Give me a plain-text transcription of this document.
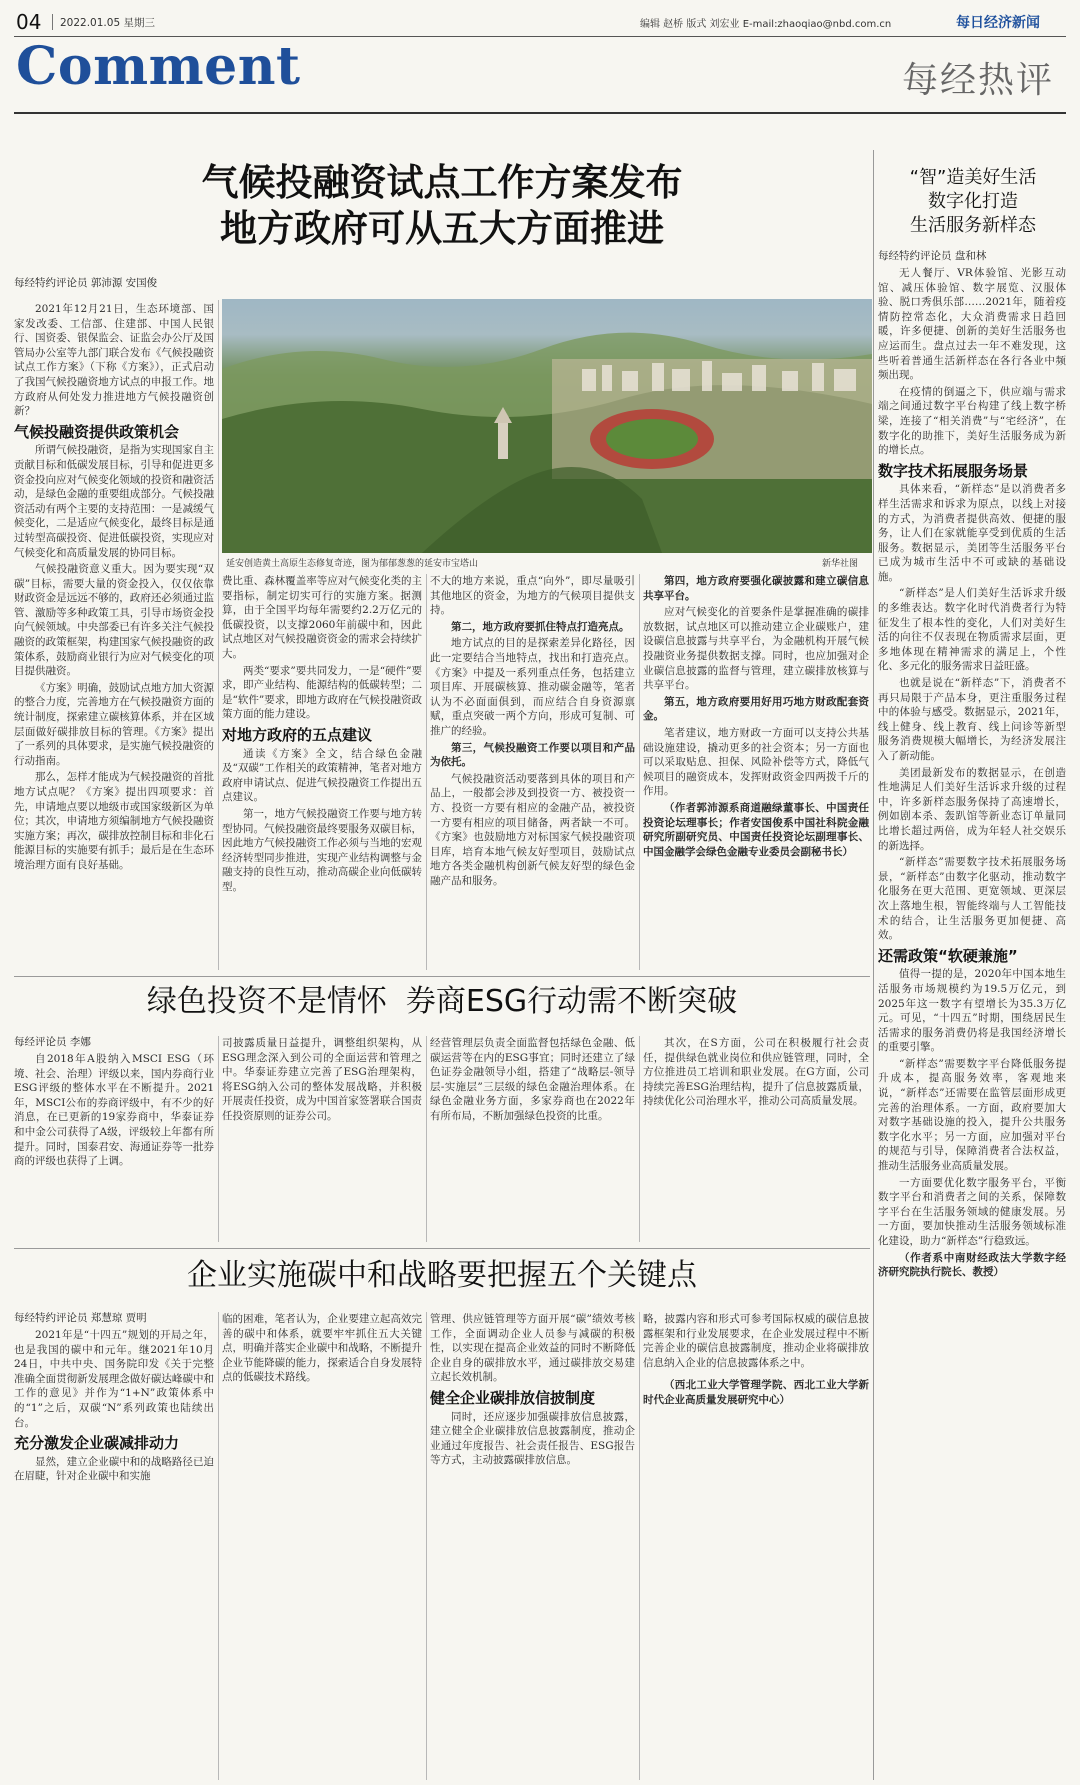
04 2022.01.05 星期三	编辑 赵桥 版式 刘宏业 E-mail:zhaoqiao@nbd.com.cn	每日经济新闻
Comment	每经热评
气候投融资试点工作方案发布
地方政府可从五大方面推进
每经特约评论员 郭沛源 安国俊
延安创造黄土高原生态修复奇迹，图为郁郁葱葱的延安市宝塔山	新华社图

2021年12月21日，生态环境部、国家发改委、工信部、住建部、中国人民银行、国资委、银保监会、证监会办公厅及国管局办公室等九部门联合发布《气候投融资试点工作方案》（下称《方案》），正式启动了我国气候投融资地方试点的申报工作。地方政府从何处发力推进地方气候投融资创新？

气候投融资提供政策机会

所谓气候投融资，是指为实现国家自主贡献目标和低碳发展目标，引导和促进更多资金投向应对气候变化领域的投资和融资活动，是绿色金融的重要组成部分。气候投融资活动有两个主要的支持范围：一是减缓气候变化，二是适应气候变化，最终目标是通过转型高碳投资、促进低碳投资，实现应对气候变化和高质量发展的协同目标。

气候投融资意义重大。因为要实现“双碳”目标，需要大量的资金投入，仅仅依靠财政资金是远远不够的，政府还必须通过监管、激励等多种政策工具，引导市场资金投向气候领域。中央部委已有许多关注气候投融资的政策框架，构建国家气候投融资的政策体系，鼓励商业银行为应对气候变化的项目提供融资。

《方案》明确，鼓励试点地方加大资源的整合力度，完善地方在气候投融资方面的统计制度，探索建立碳核算体系，并在区域层面做好碳排放目标的管理。《方案》提出了一系列的具体要求，是实施气候投融资的行动指南。

那么，怎样才能成为气候投融资的首批地方试点呢？《方案》提出四项要求：首先，申请地点要以地级市或国家级新区为单位；其次，申请地方须编制地方气候投融资实施方案；再次，碳排放控制目标和非化石能源目标的实施要有抓手；最后是在生态环境治理方面有良好基础。

费比重、森林覆盖率等应对气候变化类的主要指标，制定切实可行的实施方案。据测算，由于全国平均每年需要约2.2万亿元的低碳投资，以支撑2060年前碳中和，因此试点地区对气候投融资资金的需求会持续扩大。

两类“要求”要共同发力，一是“硬件”要求，即产业结构、能源结构的低碳转型；二是“软件”要求，即地方政府在气候投融资政策方面的能力建设。

对地方政府的五点建议

通读《方案》全文，结合绿色金融及“双碳”工作相关的政策精神，笔者对地方政府申请试点、促进气候投融资工作提出五点建议。

第一，地方气候投融资工作要与地方转型协同。气候投融资最终要服务双碳目标，因此地方气候投融资工作必须与当地的宏观经济转型同步推进，实现产业结构调整与金融支持的良性互动，推动高碳企业向低碳转型。

不大的地方来说，重点“向外”，即尽量吸引其他地区的资金，为地方的气候项目提供支持。

第二，地方政府要抓住特点打造亮点。

地方试点的目的是探索差异化路径，因此一定要结合当地特点，找出和打造亮点。《方案》中提及一系列重点任务，包括建立项目库、开展碳核算、推动碳金融等，笔者认为不必面面俱到，而应结合自身资源禀赋，重点突破一两个方向，形成可复制、可推广的经验。

第三，气候投融资工作要以项目和产品为依托。

气候投融资活动要落到具体的项目和产品上，一般都会涉及到投资一方、被投资一方、投资一方要有相应的金融产品，被投资一方要有相应的项目储备，两者缺一不可。《方案》也鼓励地方对标国家气候投融资项目库，培育本地气候友好型项目，鼓励试点地方各类金融机构创新气候友好型的绿色金融产品和服务。

第四，地方政府要强化碳披露和建立碳信息共享平台。

应对气候变化的首要条件是掌握准确的碳排放数据，试点地区可以推动建立企业碳账户，建设碳信息披露与共享平台，为金融机构开展气候投融资业务提供数据支撑。同时，也应加强对企业碳信息披露的监督与管理，建立碳排放核算与共享平台。

第五，地方政府要用好用巧地方财政配套资金。

笔者建议，地方财政一方面可以支持公共基础设施建设，撬动更多的社会资本；另一方面也可以采取贴息、担保、风险补偿等方式，降低气候项目的融资成本，发挥财政资金四两拨千斤的作用。

（作者郭沛源系商道融绿董事长、中国责任投资论坛理事长；作者安国俊系中国社科院金融研究所副研究员、中国责任投资论坛副理事长、中国金融学会绿色金融专业委员会副秘书长）

绿色投资不是情怀  券商ESG行动需不断突破
每经评论员 李娜

自2018年A股纳入MSCI ESG（环境、社会、治理）评级以来，国内券商行业ESG评级的整体水平在不断提升。2021年，MSCI公布的券商评级中，有不少的好消息，在已更新的19家券商中，华泰证券和中金公司获得了A级，评级较上年都有所提升。同时，国泰君安、海通证券等一批券商的评级也获得了上调。

司披露质量日益提升，调整组织架构，从ESG理念深入到公司的全面运营和管理之中。华泰证券建立完善了ESG治理架构，将ESG纳入公司的整体发展战略，并积极开展责任投资，成为中国首家签署联合国责任投资原则的证券公司。

经营管理层负责全面监督包括绿色金融、低碳运营等在内的ESG事宜；同时还建立了绿色证券金融领导小组，搭建了“战略层-领导层-实施层”三层级的绿色金融治理体系。在绿色金融业务方面，多家券商也在2022年有所布局，不断加强绿色投资的比重。

其次，在S方面，公司在积极履行社会责任，提供绿色就业岗位和供应链管理，同时，全方位推进员工培训和职业发展。在G方面，公司持续完善ESG治理结构，提升了信息披露质量，持续优化公司治理水平，推动公司高质量发展。

企业实施碳中和战略要把握五个关键点
每经特约评论员 郑慧琼 贾明

2021年是“十四五”规划的开局之年，也是我国的碳中和元年。继2021年10月24日，中共中央、国务院印发《关于完整准确全面贯彻新发展理念做好碳达峰碳中和工作的意见》并作为“1+N”政策体系中的“1”之后，双碳“N”系列政策也陆续出台。

充分激发企业碳减排动力

显然，建立企业碳中和的战略路径已迫在眉睫，针对企业碳中和实施

临的困难，笔者认为，企业要建立起高效完善的碳中和体系，就要牢牢抓住五大关键点，明确并落实企业碳中和战略，不断提升企业节能降碳的能力，探索适合自身发展特点的低碳技术路线。

管理、供应链管理等方面开展“碳”绩效考核工作，全面调动企业人员参与减碳的积极性，以实现在提高企业效益的同时不断降低企业自身的碳排放水平，通过碳排放交易建立起长效机制。

健全企业碳排放信披制度

同时，还应逐步加强碳排放信息披露，建立健全企业碳排放信息披露制度，推动企业通过年度报告、社会责任报告、ESG报告等方式，主动披露碳排放信息。

略，披露内容和形式可参考国际权威的碳信息披露框架和行业发展要求，在企业发展过程中不断完善企业的碳信息披露制度，推动企业将碳排放信息纳入企业的信息披露体系之中。

（西北工业大学管理学院、西北工业大学新时代企业高质量发展研究中心）

“智”造美好生活
数字化打造
生活服务新样态
每经特约评论员 盘和林

无人餐厅、VR体验馆、光影互动馆、减压体验馆、数字展览、汉服体验、脱口秀俱乐部……2021年，随着疫情防控常态化，大众消费需求日趋回暖，许多便捷、创新的美好生活服务也应运而生。盘点过去一年不难发现，这些听着普通生活新样态在各行各业中频频出现。

在疫情的倒逼之下，供应端与需求端之间通过数字平台构建了线上数字桥梁，连接了“相关消费”与“宅经济”，在数字化的助推下，美好生活服务成为新的增长点。

数字技术拓展服务场景

具体来看，“新样态”是以消费者多样生活需求和诉求为原点，以线上对接的方式，为消费者提供高效、便捷的服务，让人们在家就能享受到优质的生活服务。数据显示，美团等生活服务平台已成为城市生活中不可或缺的基础设施。

“新样态”是人们美好生活诉求升级的多维表达。数字化时代消费者行为特征发生了根本性的变化，人们对美好生活的向往不仅表现在物质需求层面，更多地体现在精神需求的满足上，个性化、多元化的服务需求日益旺盛。

也就是说在“新样态”下，消费者不再只局限于产品本身，更注重服务过程中的体验与感受。数据显示，2021年，线上健身、线上教育、线上问诊等新型服务消费规模大幅增长，为经济发展注入了新动能。

美团最新发布的数据显示，在创造性地满足人们美好生活诉求升级的过程中，许多新样态服务保持了高速增长，例如剧本杀、轰趴馆等新业态订单量同比增长超过两倍，成为年轻人社交娱乐的新选择。

“新样态”需要数字技术拓展服务场景，“新样态”由数字化驱动，推动数字化服务在更大范围、更宽领域、更深层次上落地生根，智能终端与人工智能技术的结合，让生活服务更加便捷、高效。

还需政策“软硬兼施”

值得一提的是，2020年中国本地生活服务市场规模约为19.5万亿元，到2025年这一数字有望增长为35.3万亿元。可见，“十四五”时期，围绕居民生活需求的服务消费仍将是我国经济增长的重要引擎。

“新样态”需要数字平台降低服务提升成本，提高服务效率，客观地来说，“新样态”还需要在监管层面形成更完善的治理体系。一方面，政府要加大对数字基础设施的投入，提升公共服务数字化水平；另一方面，应加强对平台的规范与引导，保障消费者合法权益，推动生活服务业高质量发展。

一方面要优化数字服务平台，平衡数字平台和消费者之间的关系，保障数字平台在生活服务领域的健康发展。另一方面，要加快推动生活服务领域标准化建设，助力“新样态”行稳致远。

（作者系中南财经政法大学数字经济研究院执行院长、教授）
